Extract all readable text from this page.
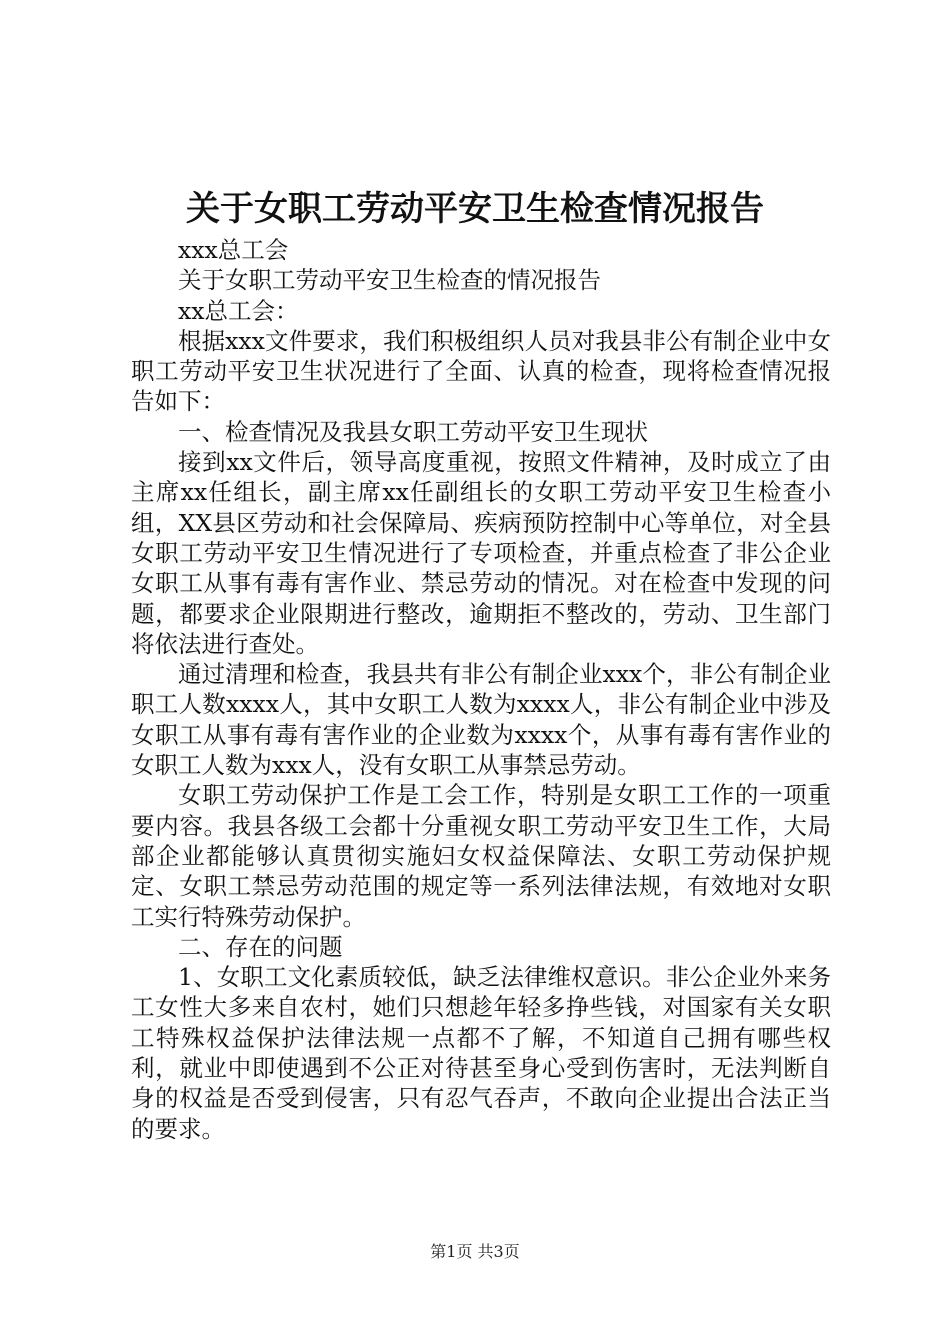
关于女职工劳动平安卫生检查情况报告

xxx总工会

关于女职工劳动平安卫生检查的情况报告

xx总工会：

根据xxx文件要求，我们积极组织人员对我县非公有制企业中女职工劳动平安卫生状况进行了全面、认真的检查，现将检查情况报告如下：

一、检查情况及我县女职工劳动平安卫生现状

接到xx文件后，领导高度重视，按照文件精神，及时成立了由主席xx任组长，副主席xx任副组长的女职工劳动平安卫生检查小组，XX县区劳动和社会保障局、疾病预防控制中心等单位，对全县女职工劳动平安卫生情况进行了专项检查，并重点检查了非公企业女职工从事有毒有害作业、禁忌劳动的情况。对在检查中发现的问题，都要求企业限期进行整改，逾期拒不整改的，劳动、卫生部门将依法进行查处。

通过清理和检查，我县共有非公有制企业xxx个，非公有制企业职工人数xxxx人，其中女职工人数为xxxx人，非公有制企业中涉及女职工从事有毒有害作业的企业数为xxxx个，从事有毒有害作业的女职工人数为xxx人，没有女职工从事禁忌劳动。

女职工劳动保护工作是工会工作，特别是女职工工作的一项重要内容。我县各级工会都十分重视女职工劳动平安卫生工作，大局部企业都能够认真贯彻实施妇女权益保障法、女职工劳动保护规定、女职工禁忌劳动范围的规定等一系列法律法规，有效地对女职工实行特殊劳动保护。

二、存在的问题

1、女职工文化素质较低，缺乏法律维权意识。非公企业外来务工女性大多来自农村，她们只想趁年轻多挣些钱，对国家有关女职工特殊权益保护法律法规一点都不了解，不知道自己拥有哪些权利，就业中即使遇到不公正对待甚至身心受到伤害时，无法判断自身的权益是否受到侵害，只有忍气吞声，不敢向企业提出合法正当的要求。

第1页 共3页
